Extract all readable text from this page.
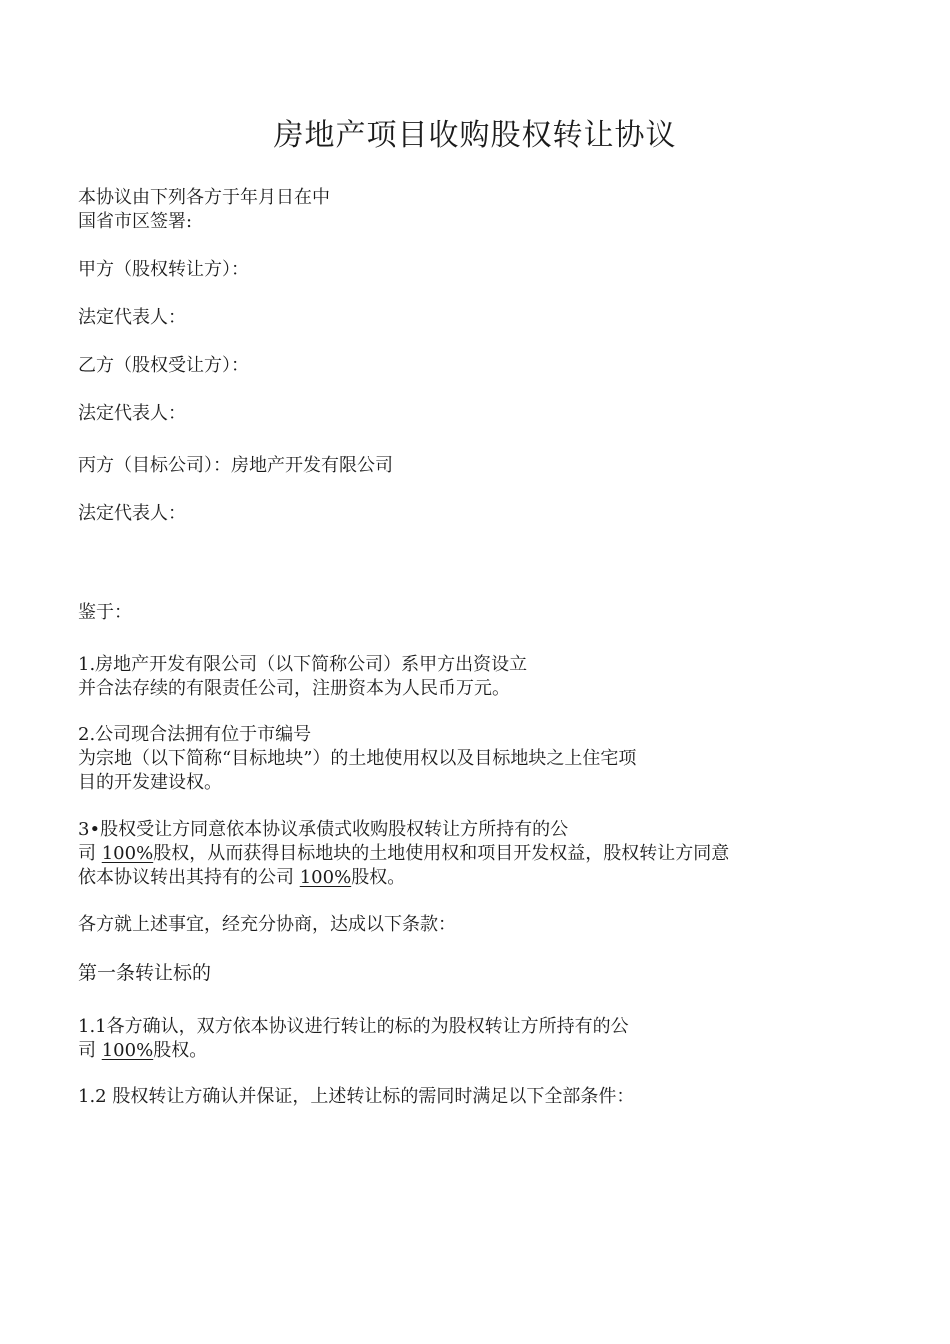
房地产项目收购股权转让协议
本协议由下列各方于年月日在中
国省市区签署:
甲方（股权转让方）：
法定代表人：
乙方（股权受让方）：
法定代表人：
丙方（目标公司）：房地产开发有限公司
法定代表人：
鉴于：
1.房地产开发有限公司（以下简称公司）系甲方出资设立
并合法存续的有限责任公司，注册资本为人民币万元。
2.公司现合法拥有位于市编号
为宗地（以下简称“目标地块”）的土地使用权以及目标地块之上住宅项
目的开发建设权。
3•股权受让方同意依本协议承债式收购股权转让方所持有的公
司 100%股权，从而获得目标地块的土地使用权和项目开发权益，股权转让方同意
依本协议转出其持有的公司 100%股权。
各方就上述事宜，经充分协商，达成以下条款：
第一条转让标的
1.1各方确认，双方依本协议进行转让的标的为股权转让方所持有的公
司 100%股权。
1.2 股权转让方确认并保证，上述转让标的需同时满足以下全部条件：
